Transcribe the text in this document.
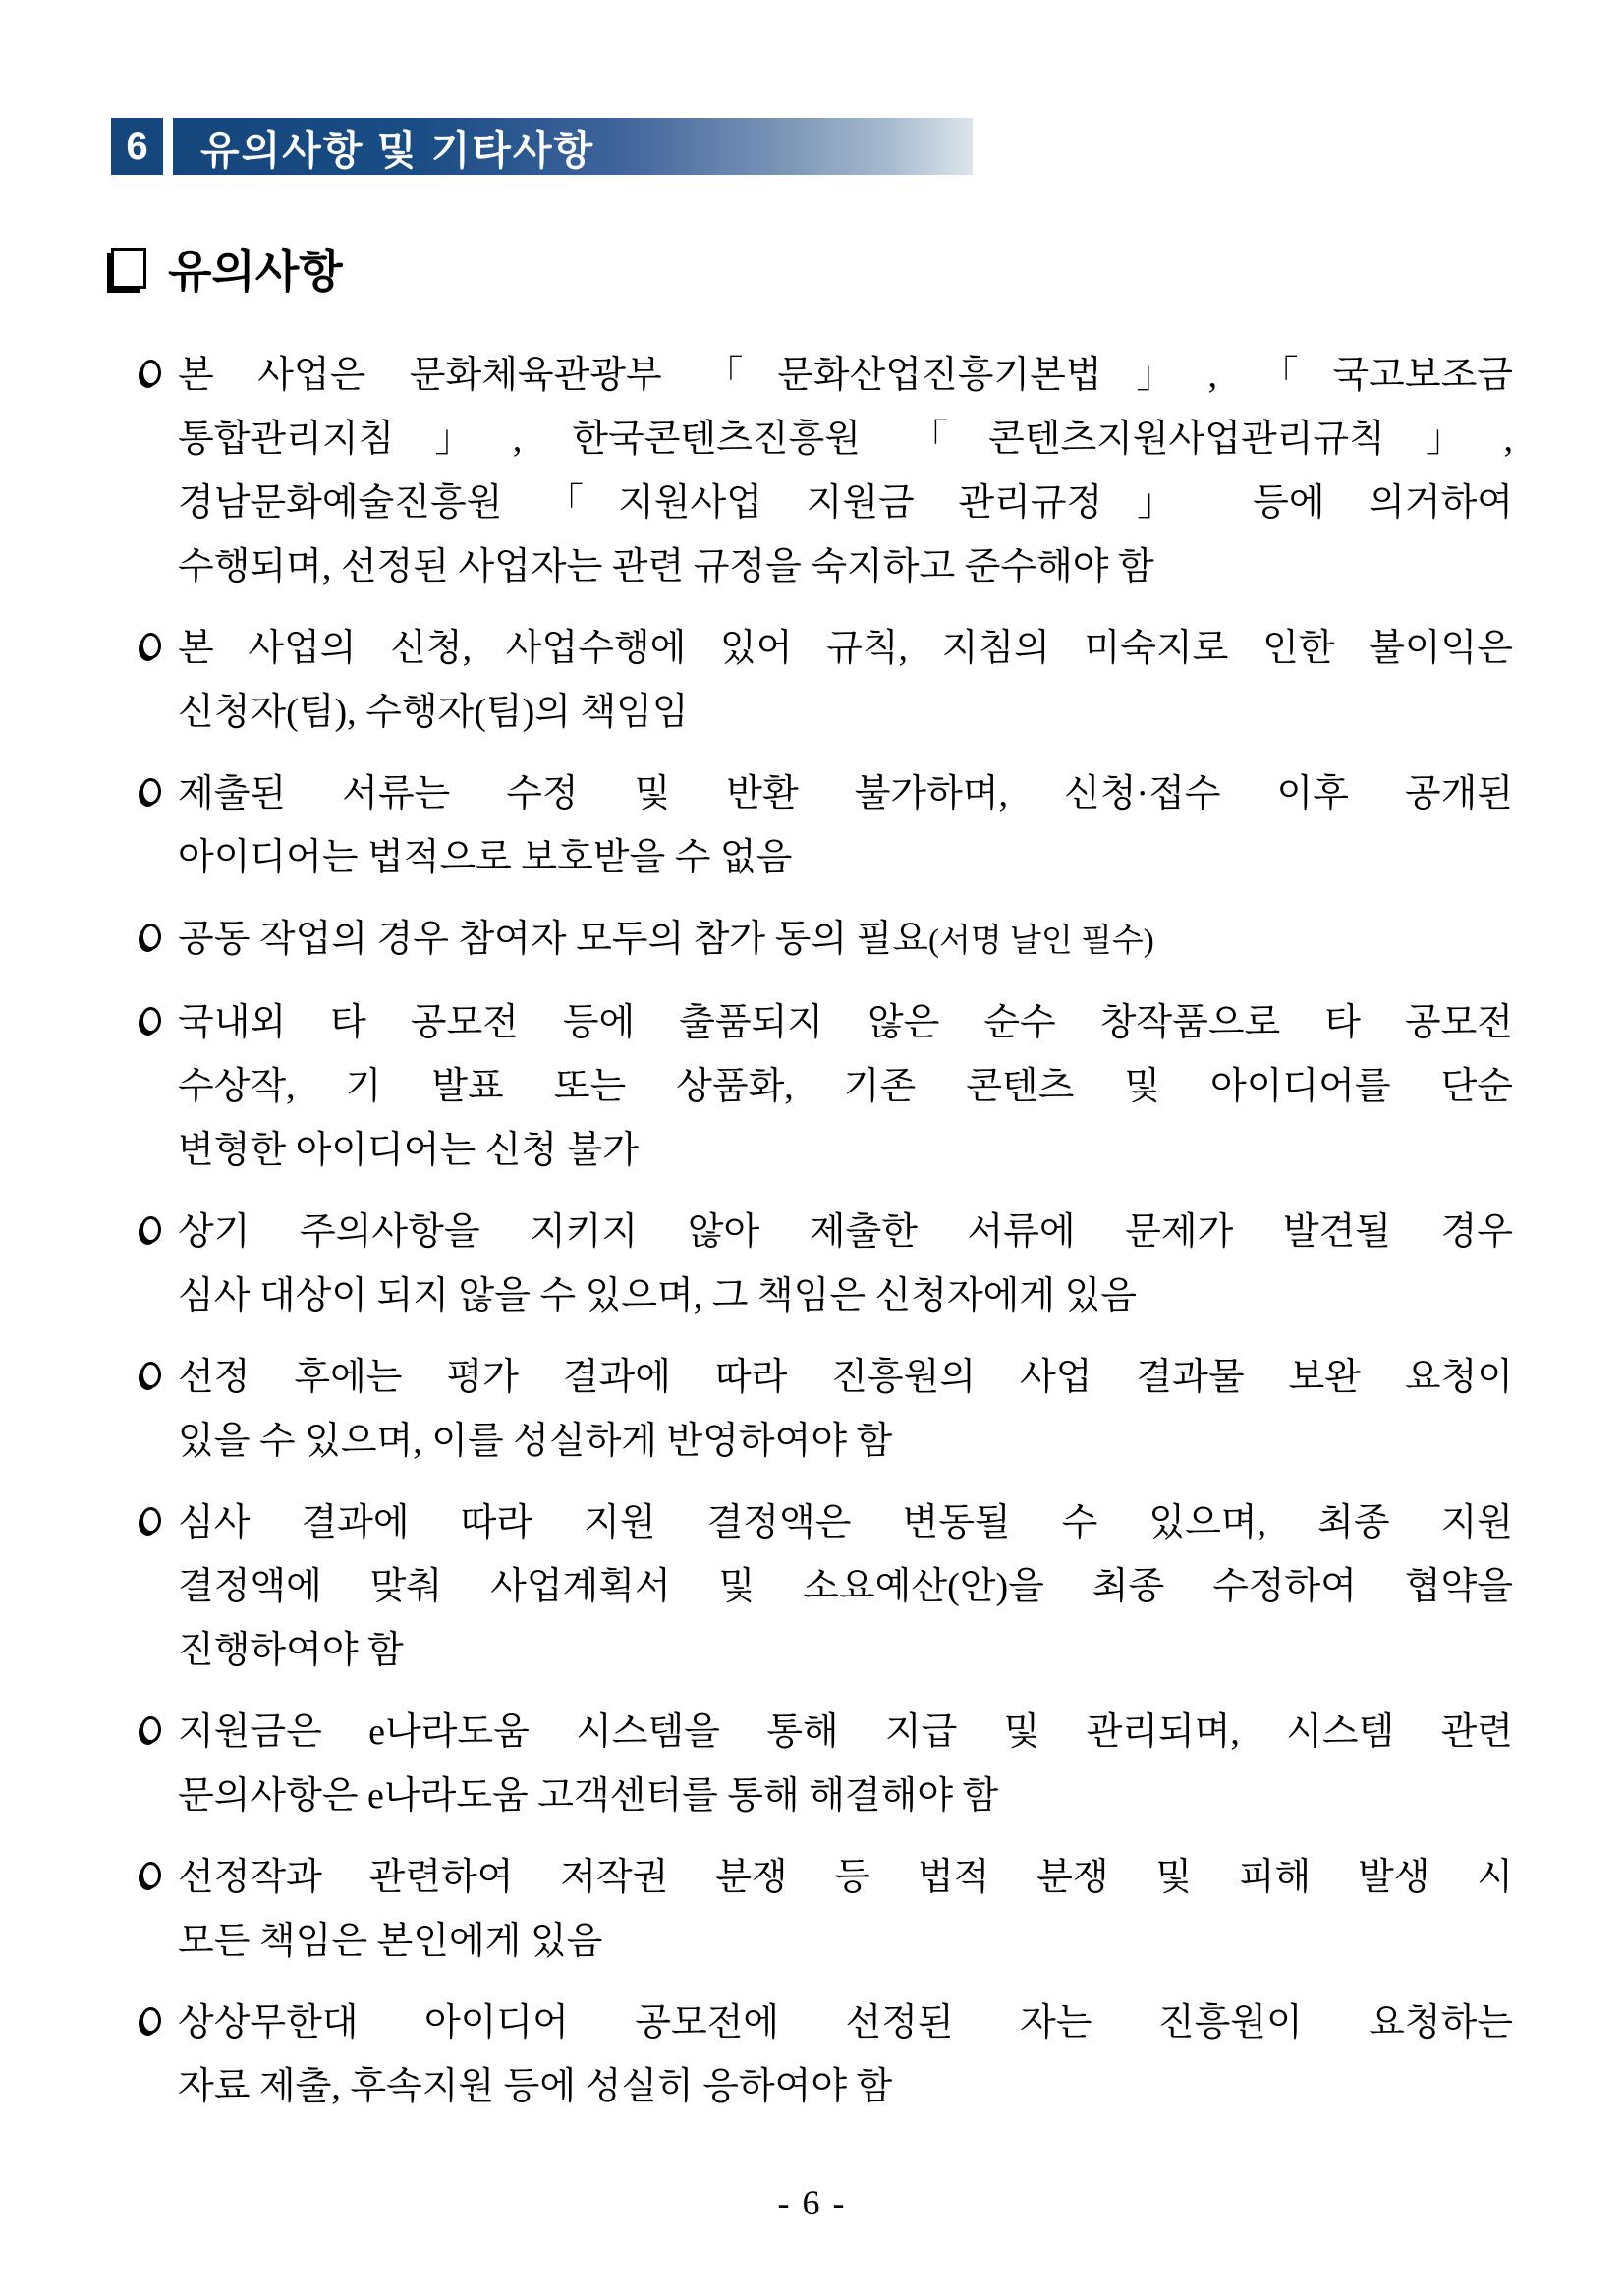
6	유의사항 및 기타사항
유의사항
본 사업은 문화체육관광부 「문화산업진흥기본법」, 「국고보조금
통합관리지침」, 한국콘텐츠진흥원 「콘텐츠지원사업관리규칙」,
경남문화예술진흥원 「지원사업 지원금 관리규정」 등에 의거하여
수행되며, 선정된 사업자는 관련 규정을 숙지하고 준수해야 함
본 사업의 신청, 사업수행에 있어 규칙, 지침의 미숙지로 인한 불이익은
신청자(팀), 수행자(팀)의 책임임
제출된 서류는 수정 및 반환 불가하며, 신청·접수 이후 공개된
아이디어는 법적으로 보호받을 수 없음
공동 작업의 경우 참여자 모두의 참가 동의 필요(서명 날인 필수)
국내외 타 공모전 등에 출품되지 않은 순수 창작품으로 타 공모전
수상작, 기 발표 또는 상품화, 기존 콘텐츠 및 아이디어를 단순
변형한 아이디어는 신청 불가
상기 주의사항을 지키지 않아 제출한 서류에 문제가 발견될 경우
심사 대상이 되지 않을 수 있으며, 그 책임은 신청자에게 있음
선정 후에는 평가 결과에 따라 진흥원의 사업 결과물 보완 요청이
있을 수 있으며, 이를 성실하게 반영하여야 함
심사 결과에 따라 지원 결정액은 변동될 수 있으며, 최종 지원
결정액에 맞춰 사업계획서 및 소요예산(안)을 최종 수정하여 협약을
진행하여야 함
지원금은 e나라도움 시스템을 통해 지급 및 관리되며, 시스템 관련
문의사항은 e나라도움 고객센터를 통해 해결해야 함
선정작과 관련하여 저작권 분쟁 등 법적 분쟁 및 피해 발생 시
모든 책임은 본인에게 있음
상상무한대 아이디어 공모전에 선정된 자는 진흥원이 요청하는
자료 제출, 후속지원 등에 성실히 응하여야 함
- 6 -
